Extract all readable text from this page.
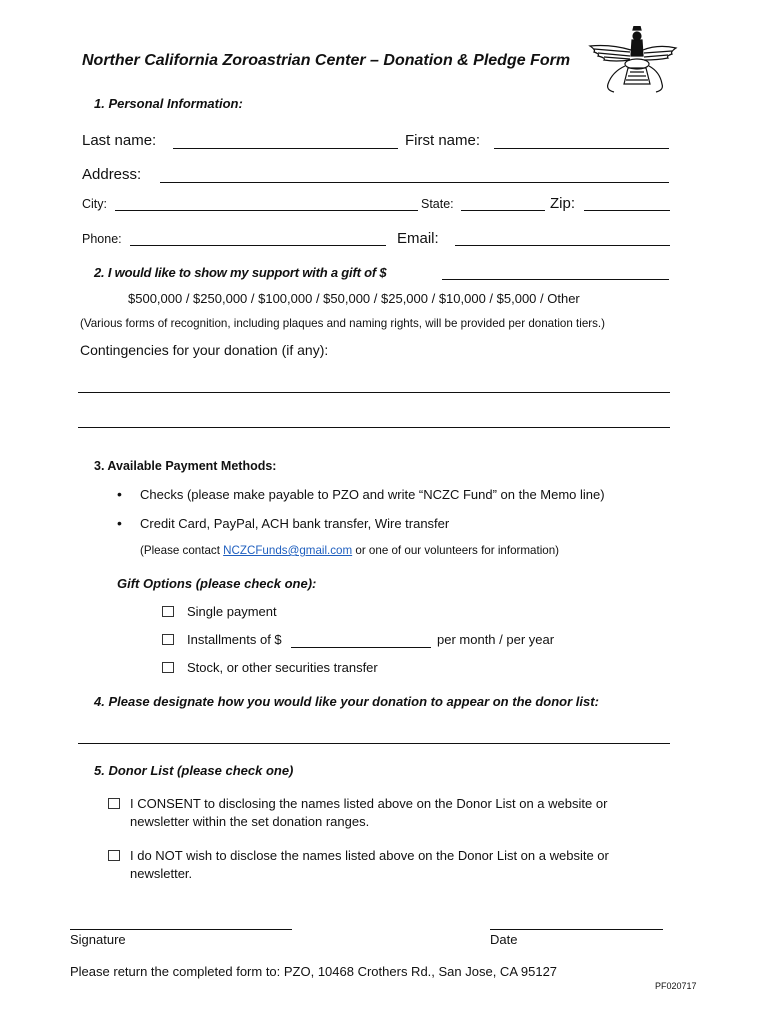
Norther California Zoroastrian Center – Donation & Pledge Form
1. Personal Information:
Last name:	First name:
Address:
City:	State:	Zip:
Phone:	Email:
2. I would like to show my support with a gift of $
$500,000 / $250,000 / $100,000 / $50,000 / $25,000 / $10,000 / $5,000 / Other
(Various forms of recognition, including plaques and naming rights, will be provided per donation tiers.)
Contingencies for your donation (if any):
3. Available Payment Methods:
• Checks (please make payable to PZO and write “NCZC Fund” on the Memo line)
• Credit Card, PayPal, ACH bank transfer, Wire transfer
(Please contact NCZCFunds@gmail.com or one of our volunteers for information)
Gift Options (please check one):
Single payment
Installments of $	per month / per year
Stock, or other securities transfer
4. Please designate how you would like your donation to appear on the donor list:
5. Donor List (please check one)
I CONSENT to disclosing the names listed above on the Donor List on a website or
newsletter within the set donation ranges.
I do NOT wish to disclose the names listed above on the Donor List on a website or
newsletter.
Signature	Date
Please return the completed form to: PZO, 10468 Crothers Rd., San Jose, CA 95127
PF020717
